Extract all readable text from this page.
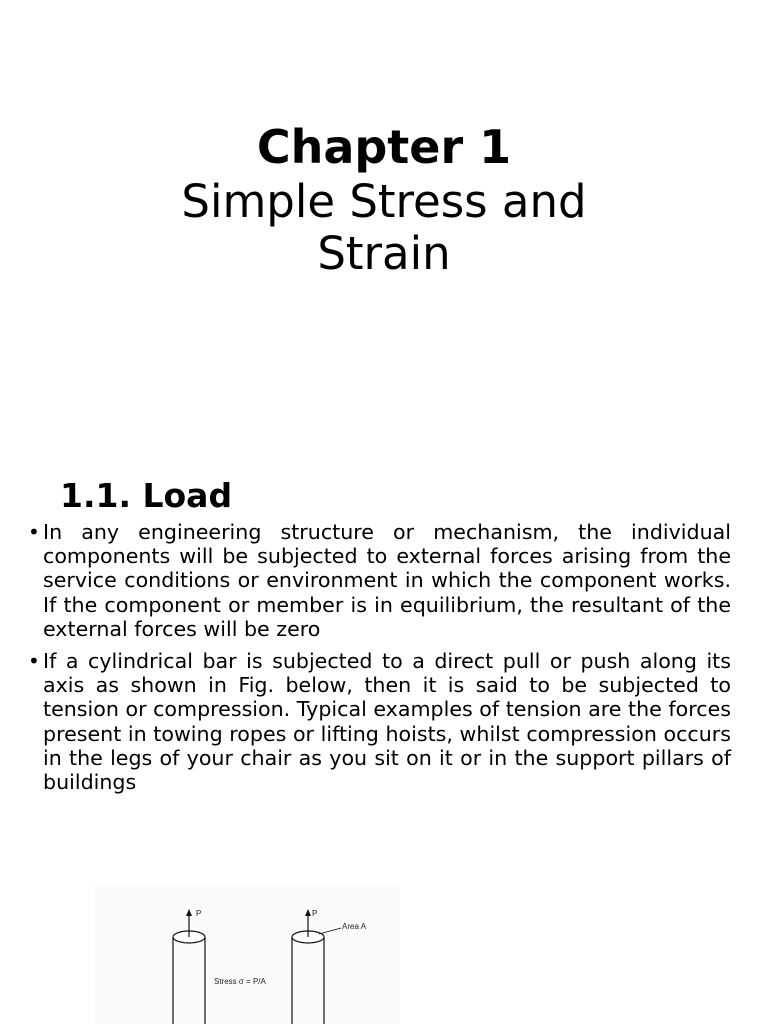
Chapter 1
Simple Stress and
Strain
1.1. Load
• In any engineering structure or mechanism, the individual components will be subjected to external forces arising from the service conditions or environment in which the component works. If the component or member is in equilibrium, the resultant of the external forces will be zero
• If a cylindrical bar is subjected to a direct pull or push along its axis as shown in Fig. below, then it is said to be subjected to tension or compression. Typical examples of tension are the forces present in towing ropes or lifting hoists, whilst compression occurs in the legs of your chair as you sit on it or in the support pillars of buildings
P	P
Area A
Stress σ = P/A
